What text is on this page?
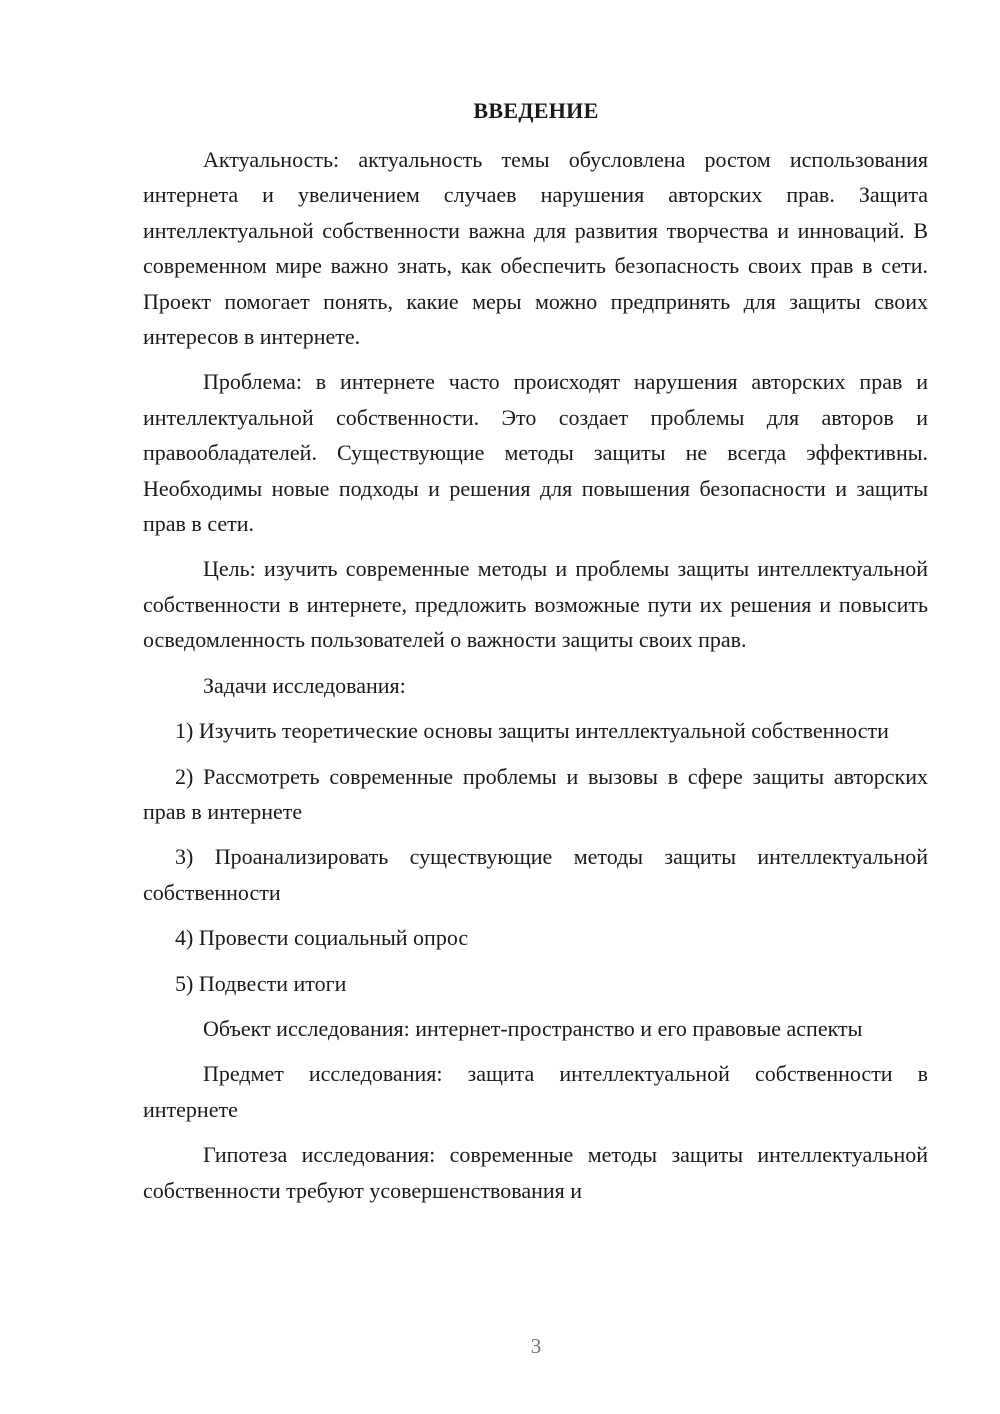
ВВЕДЕНИЕ

Актуальность: актуальность темы обусловлена ростом использования интернета и увеличением случаев нарушения авторских прав. Защита интеллектуальной собственности важна для развития творчества и инноваций. В современном мире важно знать, как обеспечить безопасность своих прав в сети. Проект помогает понять, какие меры можно предпринять для защиты своих интересов в интернете.

Проблема: в интернете часто происходят нарушения авторских прав и интеллектуальной собственности. Это создает проблемы для авторов и правообладателей. Существующие методы защиты не всегда эффективны. Необходимы новые подходы и решения для повышения безопасности и защиты прав в сети.

Цель: изучить современные методы и проблемы защиты интеллектуальной собственности в интернете, предложить возможные пути их решения и повысить осведомленность пользователей о важности защиты своих прав.

Задачи исследования:

1) Изучить теоретические основы защиты интеллектуальной собственности

2) Рассмотреть современные проблемы и вызовы в сфере защиты авторских прав в интернете

3) Проанализировать существующие методы защиты интеллектуальной собственности

4) Провести социальный опрос

5) Подвести итоги

Объект исследования: интернет-пространство и его правовые аспекты

Предмет исследования: защита интеллектуальной собственности в интернете

Гипотеза исследования: современные методы защиты интеллектуальной собственности требуют усовершенствования и

3
